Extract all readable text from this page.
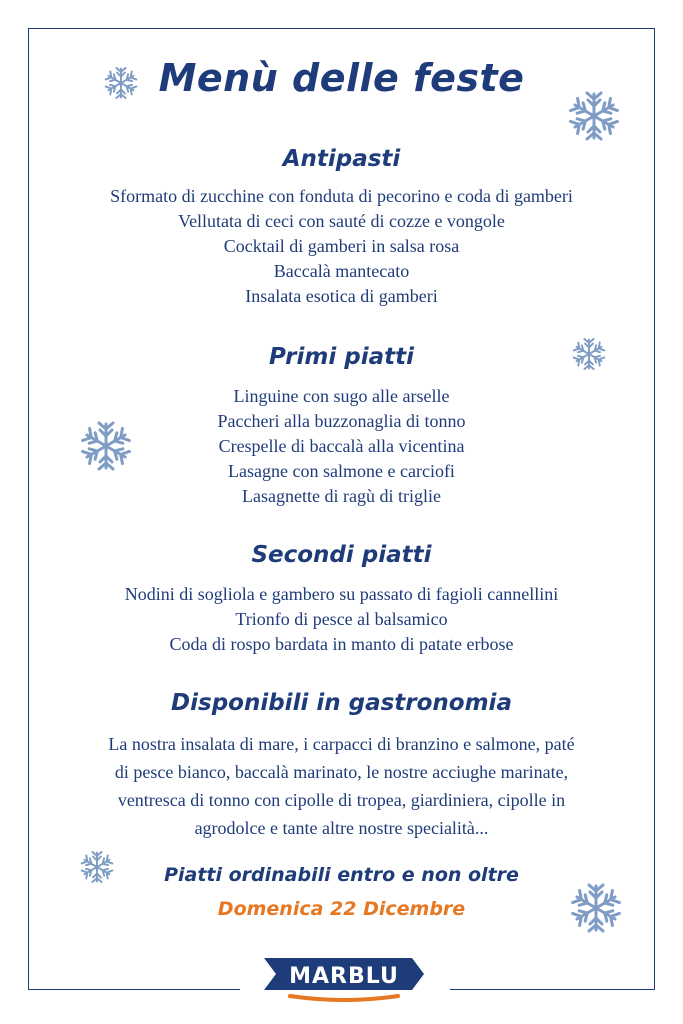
Menù delle feste
Antipasti
Sformato di zucchine con fonduta di pecorino e coda di gamberi
Vellutata di ceci con sauté di cozze e vongole
Cocktail di gamberi in salsa rosa
Baccalà mantecato
Insalata esotica di gamberi
Primi piatti
Linguine con sugo alle arselle
Paccheri alla buzzonaglia di tonno
Crespelle di baccalà alla vicentina
Lasagne con salmone e carciofi
Lasagnette di ragù di triglie
Secondi piatti
Nodini di sogliola e gambero su passato di fagioli cannellini
Trionfo di pesce al balsamico
Coda di rospo bardata in manto di patate erbose
Disponibili in gastronomia
La nostra insalata di mare, i carpacci di branzino e salmone, paté
di pesce bianco, baccalà marinato, le nostre acciughe marinate,
ventresca di tonno con cipolle di tropea, giardiniera, cipolle in
agrodolce e tante altre nostre specialità...
Piatti ordinabili entro e non oltre
Domenica 22 Dicembre
MARBLU
